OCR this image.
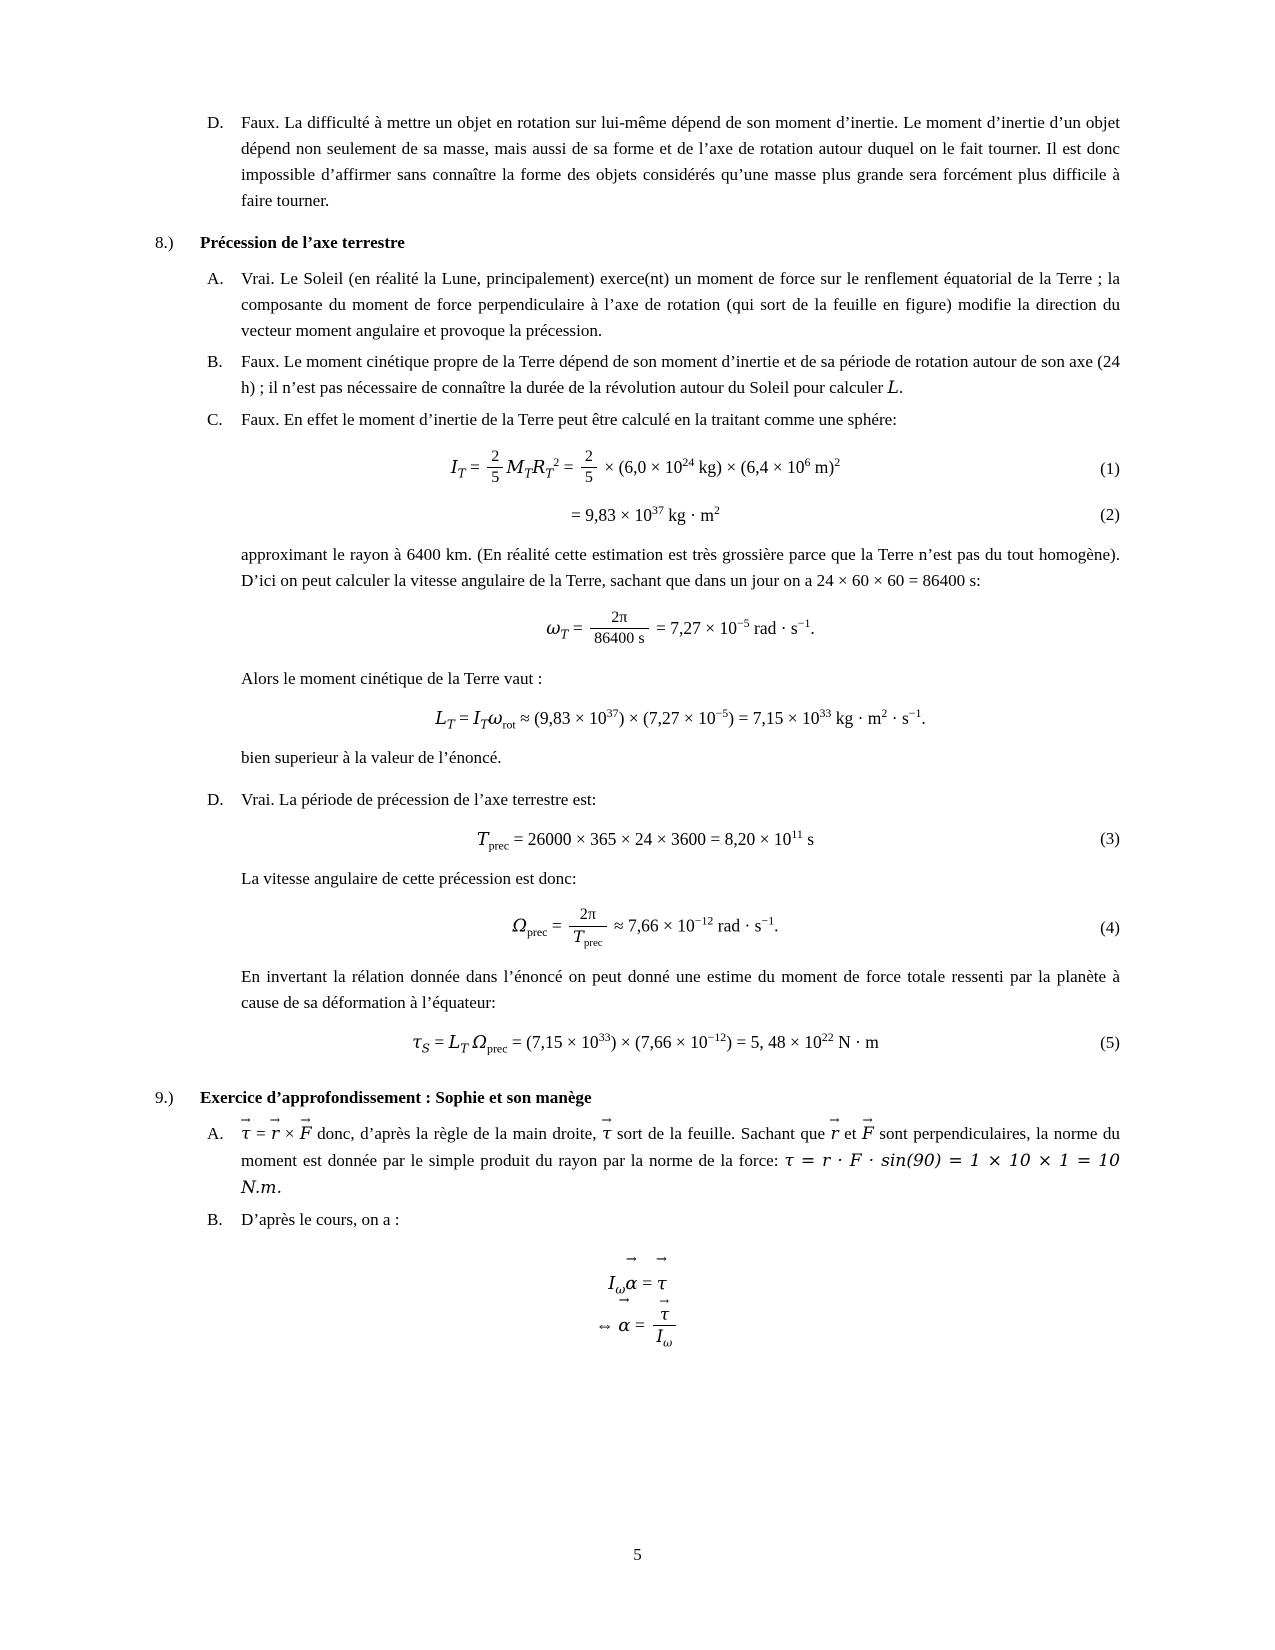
D.	Faux. La difficulté à mettre un objet en rotation sur lui-même dépend de son moment d’inertie. Le moment d’inertie d’un objet dépend non seulement de sa masse, mais aussi de sa forme et de l’axe de rotation autour duquel on le fait tourner. Il est donc impossible d’affirmer sans connaître la forme des objets considérés qu’une masse plus grande sera forcément plus difficile à faire tourner.
8.)	Précession de l’axe terrestre
A.	Vrai. Le Soleil (en réalité la Lune, principalement) exerce(nt) un moment de force sur le renflement équatorial de la Terre ; la composante du moment de force perpendiculaire à l’axe de rotation (qui sort de la feuille en figure) modifie la direction du vecteur moment angulaire et provoque la précession.
B.	Faux. Le moment cinétique propre de la Terre dépend de son moment d’inertie et de sa période de rotation autour de son axe (24 h) ; il n’est pas nécessaire de connaître la durée de la révolution autour du Soleil pour calculer L.
C.	Faux. En effet le moment d’inertie de la Terre peut être calculé en la traitant comme une sphére:
$I_T = \frac{2}{5} M_TR_T^2 = \frac{2}{5} \times (6,0 \times 10^{24}$ $kg) \times (6,4 \times 10^6$ m)$^2$	(1)
= $9,83 \times 10^{37}$ kg · $m^2$	(2)
approximant le rayon à 6400 km. (En réalité cette estimation est très grossière parce que la Terre n’est pas du tout homogène). D’ici on peut calculer la vitesse angulaire de la Terre, sachant que dans un jour on a 24 × 60 × 60 = 86400 s:
$\omega_T = \frac{2\pi}{86400 s} = 7,27 \times 10^{-5}$ rad · $s^{-1}$.
Alors le moment cinétique de la Terre vaut :
$L_T = I_T\omega_{rot} \approx (9,83 \times 10^{37}) \times (7,27 \times 10^{-5}) = 7,15 \times 10^{33}$ kg · $m^2 \cdot s^{-1}$.
bien superieur à la valeur de l’énoncé.
D.	Vrai. La période de précession de l’axe terrestre est:
$T_{prec} = 26000 \times 365 \times 24 \times 3600 = 8,20 \times 10^{11}$ s	(3)
La vitesse angulaire de cette précession est donc:
$\Omega_{prec} = \frac{2\pi}{T_{prec}} \approx 7,66 \times 10^{-12}$ rad · $s^{-1}$.	(4)
En invertant la rélation donnée dans l’énoncé on peut donné une estime du moment de force totale ressenti par la planète à cause de sa déformation à l’équateur:
$\tau_S = L_T$ $\Omega_{prec} = (7,15 \times 10^{33}) \times (7,66 \times 10^{-12}) = 5$, $48 \times 10^{22}$ N · m	(5)
9.)	Exercice d’approfondissement : Sophie et son manège
A.	τ → = r → × F → donc, d’après la règle de la main droite, τ → sort de la feuille. Sachant que r → et F → sont perpendiculaires, la norme du moment est donnée par le simple produit du rayon par la norme de la force: τ = r · F · sin(90) = 1 × 10 × 1 = 10 N.m.
B.	D’après le cours, on a :
$I_\omega\alpha$ → = τ →
⇔ α → = $\frac{\tau \to}{I_\omega}$
5
